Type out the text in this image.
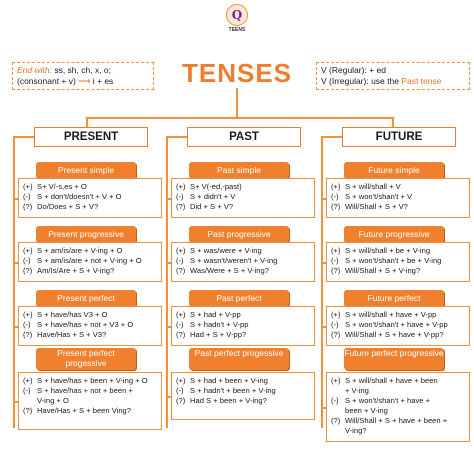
Q
TEENS
TENSES
End with: ss, sh, ch, x, o;
(consonant + v) ⟶ i + es
V (Regular): + ed
V (Irregular): use the Past tense
PRESENT
Present simple
(+) S+ V/-s,es + O
(-) S + don't/doesn't + V + O
(?) Do/Does + S + V?
Present progressive
(+) S + am/is/are + V-ing + O
(-) S + am/is/are + not + V-ing + O
(?) Am/Is/Are + S + V-ing?
Present perfect
(+) S + have/has V3 + O
(-) S + have/has + not + V3 + O
(?) Have/Has + S + V3?
Present perfect progessive
(+) S + have/has + been + V-ing + O
(-) S + have/has + not + been +
V-ing + O
(?) Have/Has + S + been Ving?
PAST
Past simple
(+) S+ V(-ed,-past)
(-) S + didn't + V
(?) Did + S + V?
Past progressive
(+) S + was/were + V-ing
(-) S + wasn't/weren't + V-ing
(?) Was/Were + S + V-ing?
Past perfect
(+) S + had + V-pp
(-) S + hadn't + V-pp
(?) Had + S + V-pp?
Past perfect progessive
(+) S + had + been + V-ing
(-) S + hadn't + been + V-ing
(?) Had S + been + V-ing?
FUTURE
Future simple
(+) S + will/shall + V
(-) S + won't/shan't + V
(?) Will/Shall + S + V?
Future progressive
(+) S + will/shall + be + V-ing
(-) S + won't/shan't + be + V-ing
(?) Will/Shall + S + V-ing?
Future perfect
(+) S + will/shall + have + V-pp
(-) S + won't/shan't + have + V-pp
(?) Will/Shall + S + have + V-pp?
Future perfect progressive
(+) S + will/shall + have + been
+ V-ing
(-) S + won't/shan't + have +
been + V-ing
(?) Will/Shall + S + have + been +
V-ing?
